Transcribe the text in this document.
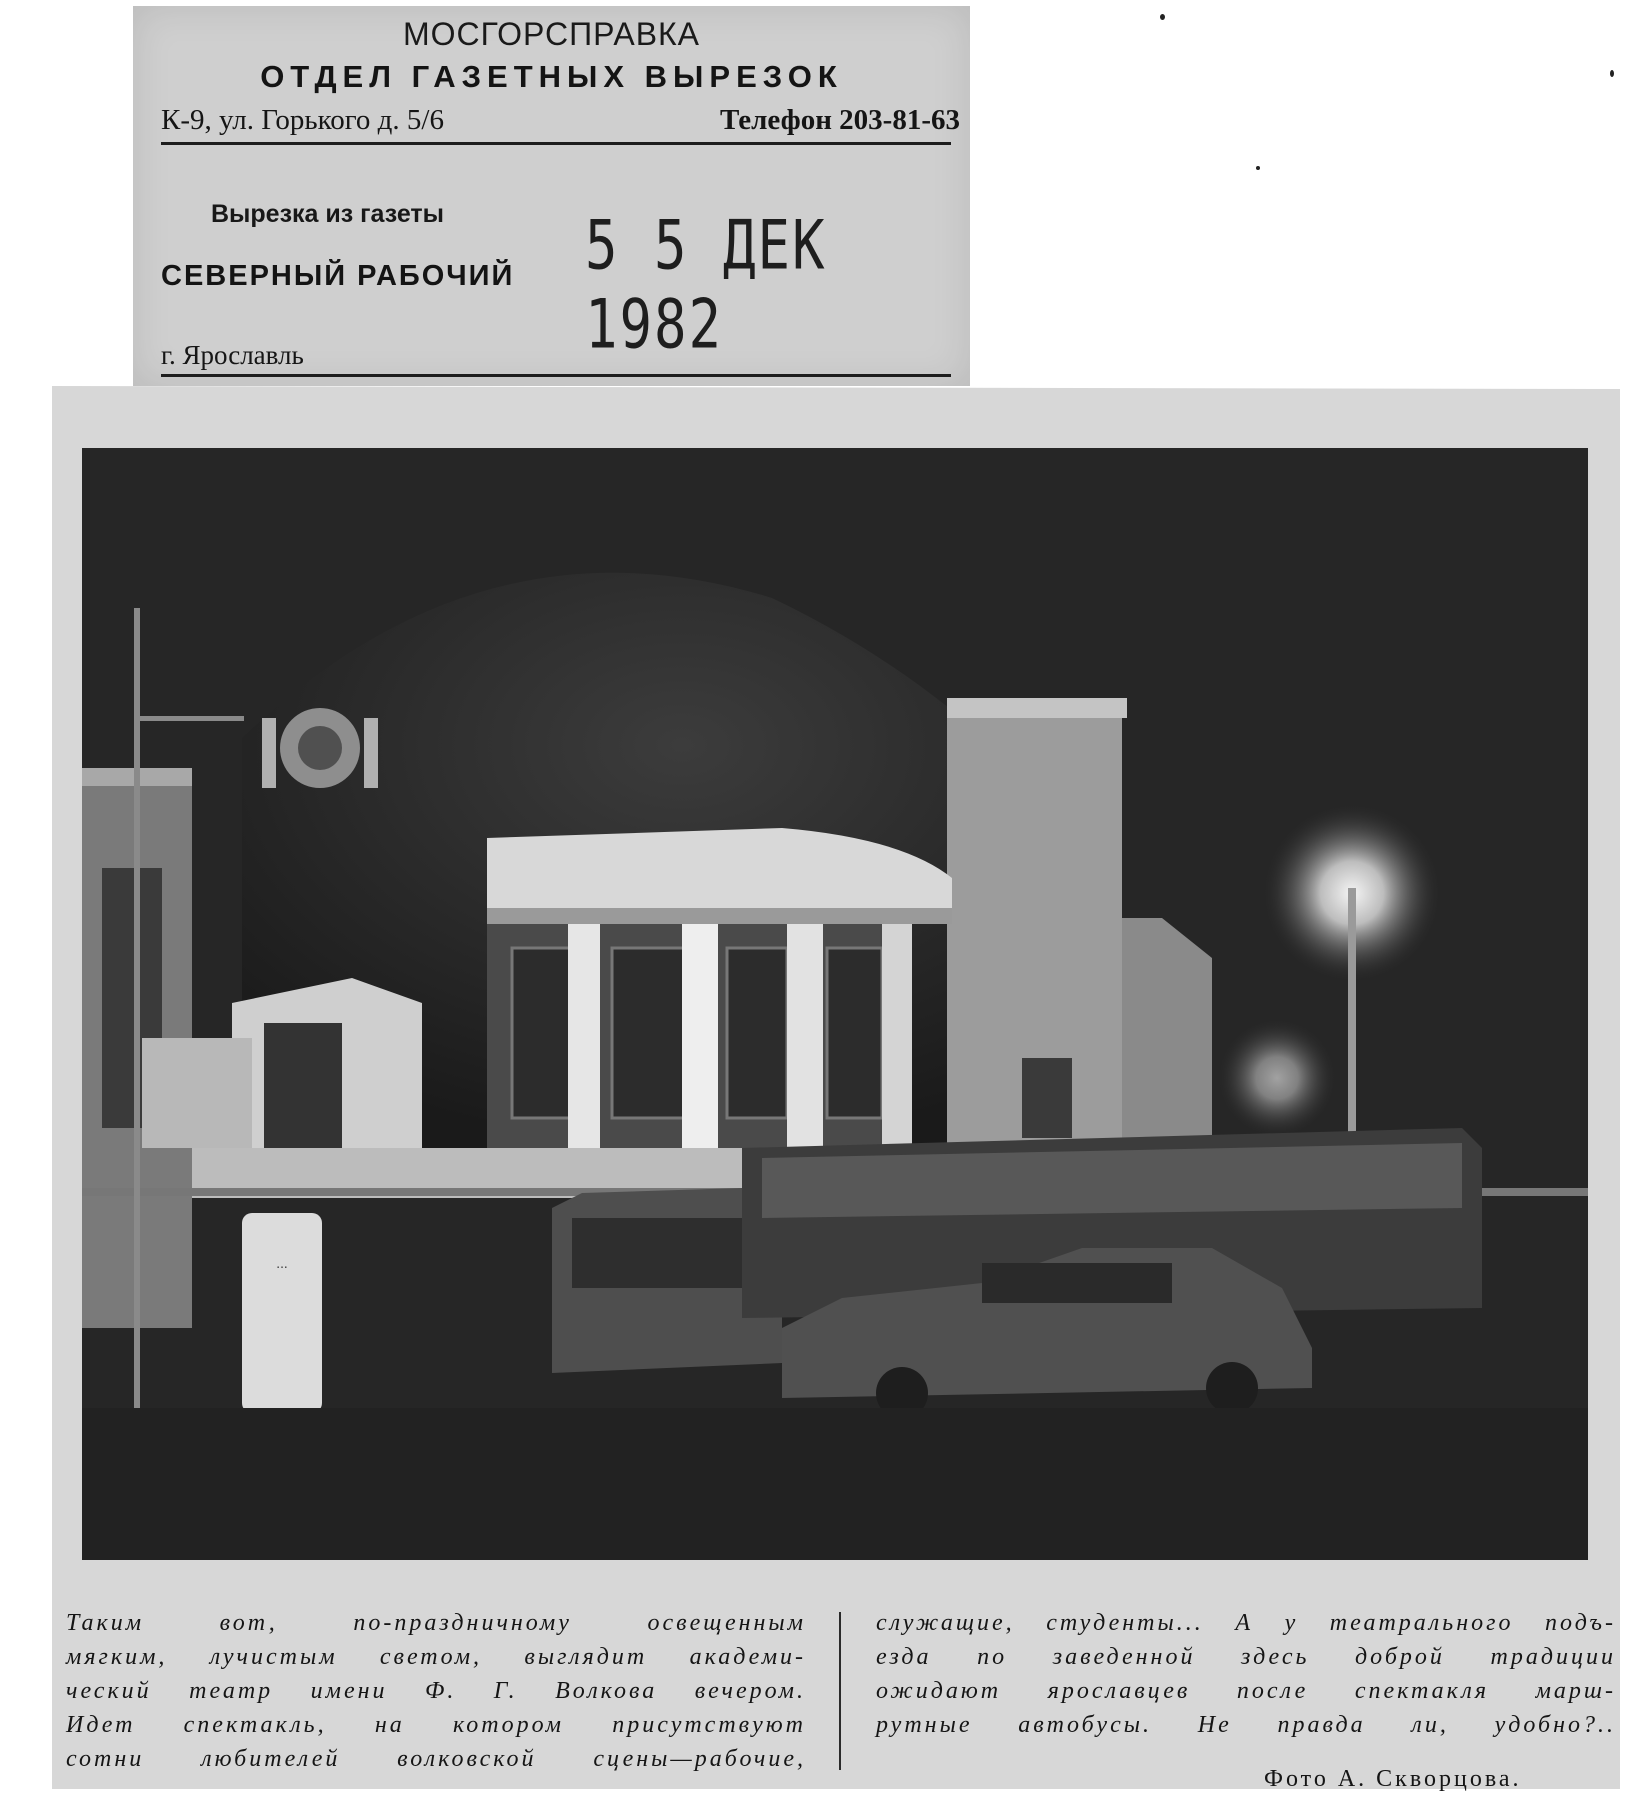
МОСГОРСПРАВКА
ОТДЕЛ ГАЗЕТНЫХ ВЫРЕЗОК
К-9, ул. Горького д. 5/6	Телефон 203-81-63
Вырезка из газеты
СЕВЕРНЫЙ РАБОЧИЙ 5 5 ДЕК 1982
г. Ярославль
...

Таким вот, по-праздничному освещенным
мягким, лучистым светом, выглядит академи-
ческий театр имени Ф. Г. Волкова вечером.
Идет спектакль, на котором присутствуют
сотни любителей волковской сцены—рабочие,

служащие, студенты... А у театрального подъ-
езда по заведенной здесь доброй традиции
ожидают ярославцев после спектакля марш-
рутные автобусы. Не правда ли, удобно?..

Фото А. Скворцова.
